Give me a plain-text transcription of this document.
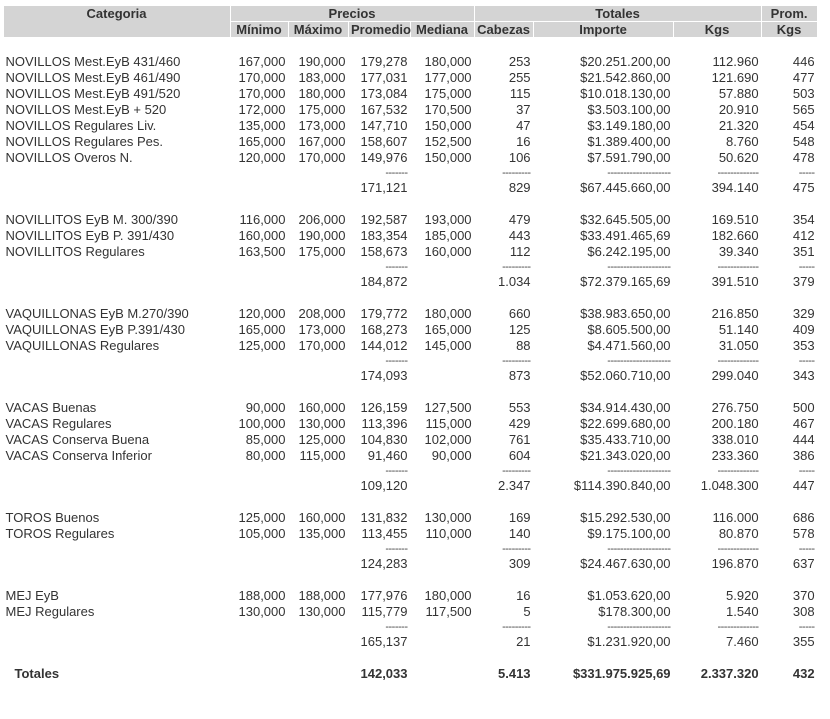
Categoria	Precios				Totales			Prom.
	Mínimo	Máximo	Promedio	Mediana	Cabezas	Importe	Kgs	Kgs

NOVILLOS Mest.EyB 431/460	167,000	190,000	179,278	180,000	253	$20.251.200,00	112.960	446
NOVILLOS Mest.EyB 461/490	170,000	183,000	177,031	177,000	255	$21.542.860,00	121.690	477
NOVILLOS Mest.EyB 491/520	170,000	180,000	173,084	175,000	115	$10.018.130,00	57.880	503
NOVILLOS Mest.EyB + 520	172,000	175,000	167,532	170,500	37	$3.503.100,00	20.910	565
NOVILLOS Regulares Liv.	135,000	173,000	147,710	150,000	47	$3.149.180,00	21.320	454
NOVILLOS Regulares Pes.	165,000	167,000	158,607	152,500	16	$1.389.400,00	8.760	548
NOVILLOS Overos N.	120,000	170,000	149,976	150,000	106	$7.591.790,00	50.620	478
			-------		---------	--------------------	-------------	-----
			171,121		829	$67.445.660,00	394.140	475

NOVILLITOS EyB M. 300/390	116,000	206,000	192,587	193,000	479	$32.645.505,00	169.510	354
NOVILLITOS EyB P. 391/430	160,000	190,000	183,354	185,000	443	$33.491.465,69	182.660	412
NOVILLITOS Regulares	163,500	175,000	158,673	160,000	112	$6.242.195,00	39.340	351
			-------		---------	--------------------	-------------	-----
			184,872		1.034	$72.379.165,69	391.510	379

VAQUILLONAS EyB M.270/390	120,000	208,000	179,772	180,000	660	$38.983.650,00	216.850	329
VAQUILLONAS EyB P.391/430	165,000	173,000	168,273	165,000	125	$8.605.500,00	51.140	409
VAQUILLONAS Regulares	125,000	170,000	144,012	145,000	88	$4.471.560,00	31.050	353
			-------		---------	--------------------	-------------	-----
			174,093		873	$52.060.710,00	299.040	343

VACAS Buenas	90,000	160,000	126,159	127,500	553	$34.914.430,00	276.750	500
VACAS Regulares	100,000	130,000	113,396	115,000	429	$22.699.680,00	200.180	467
VACAS Conserva Buena	85,000	125,000	104,830	102,000	761	$35.433.710,00	338.010	444
VACAS Conserva Inferior	80,000	115,000	91,460	90,000	604	$21.343.020,00	233.360	386
			-------		---------	--------------------	-------------	-----
			109,120		2.347	$114.390.840,00	1.048.300	447

TOROS Buenos	125,000	160,000	131,832	130,000	169	$15.292.530,00	116.000	686
TOROS Regulares	105,000	135,000	113,455	110,000	140	$9.175.100,00	80.870	578
			-------		---------	--------------------	-------------	-----
			124,283		309	$24.467.630,00	196.870	637

MEJ EyB	188,000	188,000	177,976	180,000	16	$1.053.620,00	5.920	370

MEJ Regulares	130,000	130,000	115,779	117,500	5	$178.300,00	1.540	308
			-------		---------	--------------------	-------------	-----
			165,137		21	$1.231.920,00	7.460	355

Totales			142,033		5.413	$331.975.925,69	2.337.320	432
